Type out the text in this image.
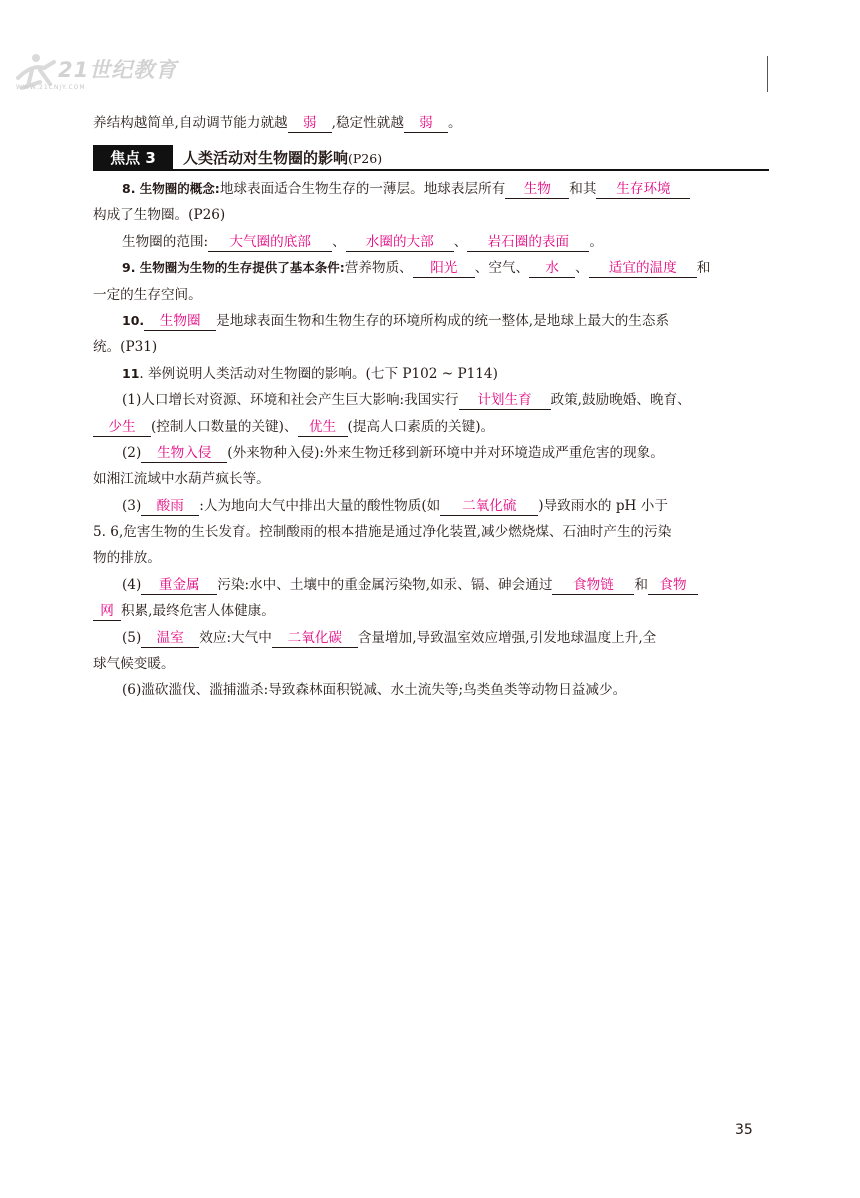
21世纪教育
WWW.21CNJY.COM
养结构越简单,自动调节能力就越 弱 ,稳定性就越 弱 。
焦点 3	人类活动对生物圈的影响(P26)
8. 生物圈的概念:地球表面适合生物生存的一薄层。地球表层所有 生物 和其 生存环境
构成了生物圈。(P26)
生物圈的范围: 大气圈的底部 、 水圈的大部 、 岩石圈的表面 。
9. 生物圈为生物的生存提供了基本条件:营养物质、 阳光 、空气、 水 、 适宜的温度 和
一定的生存空间。
10. 生物圈 是地球表面生物和生物生存的环境所构成的统一整体,是地球上最大的生态系
统。(P31)
11. 举例说明人类活动对生物圈的影响。(七下 P102 ~ P114)
(1)人口增长对资源、环境和社会产生巨大影响:我国实行 计划生育 政策,鼓励晚婚、晚育、
少生 (控制人口数量的关键)、 优生 (提高人口素质的关键)。
(2) 生物入侵 (外来物种入侵):外来生物迁移到新环境中并对环境造成严重危害的现象。
如湘江流域中水葫芦疯长等。
(3) 酸雨 :人为地向大气中排出大量的酸性物质(如 二氧化硫 )导致雨水的 pH 小于
5. 6,危害生物的生长发育。控制酸雨的根本措施是通过净化装置,减少燃烧煤、石油时产生的污染
物的排放。
(4) 重金属 污染:水中、土壤中的重金属污染物,如汞、镉、砷会通过 食物链 和 食物
网 积累,最终危害人体健康。
(5) 温室 效应:大气中 二氧化碳 含量增加,导致温室效应增强,引发地球温度上升,全
球气候变暖。
(6)滥砍滥伐、滥捕滥杀:导致森林面积锐减、水土流失等;鸟类鱼类等动物日益减少。
35
